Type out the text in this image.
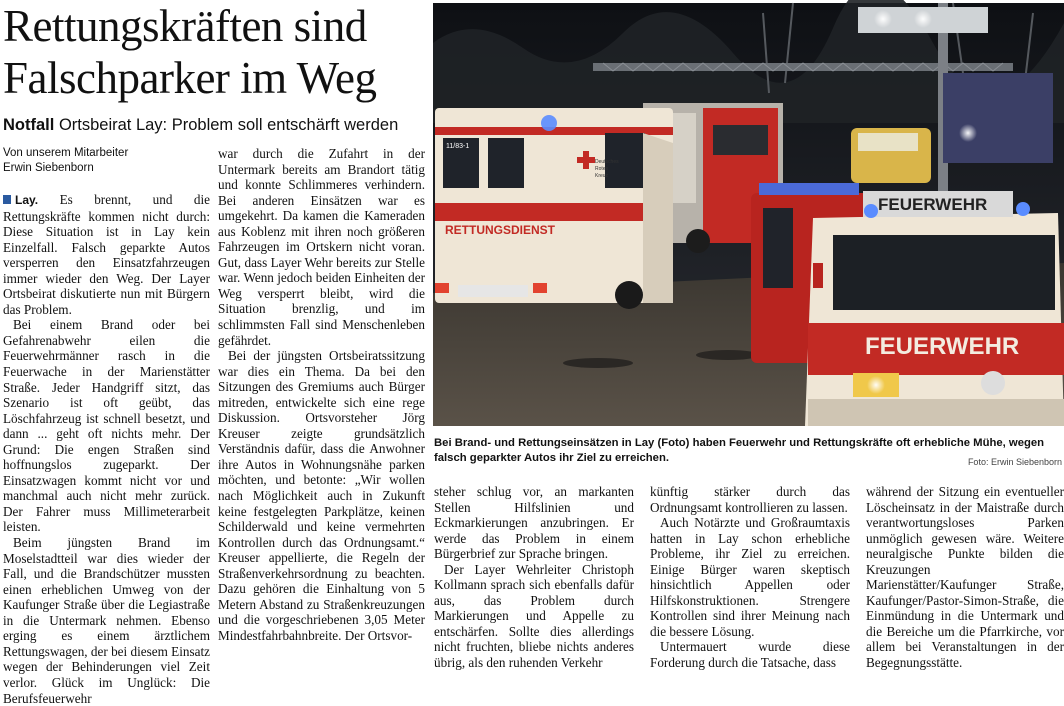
Rettungskräften sind
Falschparker im Weg

Notfall Ortsbeirat Lay: Problem soll entschärft werden

Von unserem Mitarbeiter
Erwin Siebenborn

Lay. Es brennt, und die Rettungskräfte kommen nicht durch: Diese Situation ist in Lay kein Einzelfall. Falsch geparkte Autos versperren den Einsatzfahrzeugen immer wieder den Weg. Der Layer Ortsbeirat diskutierte nun mit Bürgern das Problem.

Bei einem Brand oder bei Gefahrenabwehr eilen die Feuerwehrmänner rasch in die Feuerwache in der Marienstätter Straße. Jeder Handgriff sitzt, das Szenario ist oft geübt, das Löschfahrzeug ist schnell besetzt, und dann ... geht oft nichts mehr. Der Grund: Die engen Straßen sind hoffnungslos zugeparkt. Der Einsatzwagen kommt nicht vor und manchmal auch nicht mehr zurück. Der Fahrer muss Millimeterarbeit leisten.

Beim jüngsten Brand im Moselstadtteil war dies wieder der Fall, und die Brandschützer mussten einen erheblichen Umweg von der Kaufunger Straße über die Legiastraße in die Untermark nehmen. Ebenso erging es einem ärztlichem Rettungswagen, der bei diesem Einsatz wegen der Behinderungen viel Zeit verlor. Glück im Unglück: Die Berufsfeuerwehr

war durch die Zufahrt in der Untermark bereits am Brandort tätig und konnte Schlimmeres verhindern. Bei anderen Einsätzen war es umgekehrt. Da kamen die Kameraden aus Koblenz mit ihren noch größeren Fahrzeugen im Ortskern nicht voran. Gut, dass Layer Wehr bereits zur Stelle war. Wenn jedoch beiden Einheiten der Weg versperrt bleibt, wird die Situation brenzlig, und im schlimmsten Fall sind Menschenleben gefährdet.

Bei der jüngsten Ortsbeiratssitzung war dies ein Thema. Da bei den Sitzungen des Gremiums auch Bürger mitreden, entwickelte sich eine rege Diskussion. Ortsvorsteher Jörg Kreuser zeigte grundsätzlich Verständnis dafür, dass die Anwohner ihre Autos in Wohnungsnähe parken möchten, und betonte: „Wir wollen nach Möglichkeit auch in Zukunft keine festgelegten Parkplätze, keinen Schilderwald und keine vermehrten Kontrollen durch das Ordnungsamt.“ Kreuser appellierte, die Regeln der Straßenverkehrsordnung zu beachten. Dazu gehören die Einhaltung von 5 Metern Abstand zu Straßenkreuzungen und die vorgeschriebenen 3,05 Meter Mindestfahrbahnbreite. Der Ortsvor-

RETTUNGSDIENST
11/83-1
Deutsches
Rotes
Kreuz
FEUERWEHR
FEUERWEHR

Bei Brand- und Rettungseinsätzen in Lay (Foto) haben Feuerwehr und Rettungskräfte oft erhebliche Mühe, wegen falsch geparkter Autos ihr Ziel zu erreichen.	Foto: Erwin Siebenborn

steher schlug vor, an markanten Stellen Hilfslinien und Eckmarkierungen anzubringen. Er werde das Problem in einem Bürgerbrief zur Sprache bringen.

Der Layer Wehrleiter Christoph Kollmann sprach sich ebenfalls dafür aus, das Problem durch Markierungen und Appelle zu entschärfen. Sollte dies allerdings nicht fruchten, bliebe nichts anderes übrig, als den ruhenden Verkehr

künftig stärker durch das Ordnungsamt kontrollieren zu lassen.

Auch Notärzte und Großraumtaxis hatten in Lay schon erhebliche Probleme, ihr Ziel zu erreichen. Einige Bürger waren skeptisch hinsichtlich Appellen oder Hilfskonstruktionen. Strengere Kontrollen sind ihrer Meinung nach die bessere Lösung.

Untermauert wurde diese Forderung durch die Tatsache, dass

während der Sitzung ein eventueller Löscheinsatz in der Maistraße durch verantwortungsloses Parken unmöglich gewesen wäre. Weitere neuralgische Punkte bilden die Kreuzungen Marienstätter/Kaufunger Straße, Kaufunger/Pastor-Simon-Straße, die Einmündung in die Untermark und die Bereiche um die Pfarrkirche, vor allem bei Veranstaltungen in der Begegnungsstätte.
